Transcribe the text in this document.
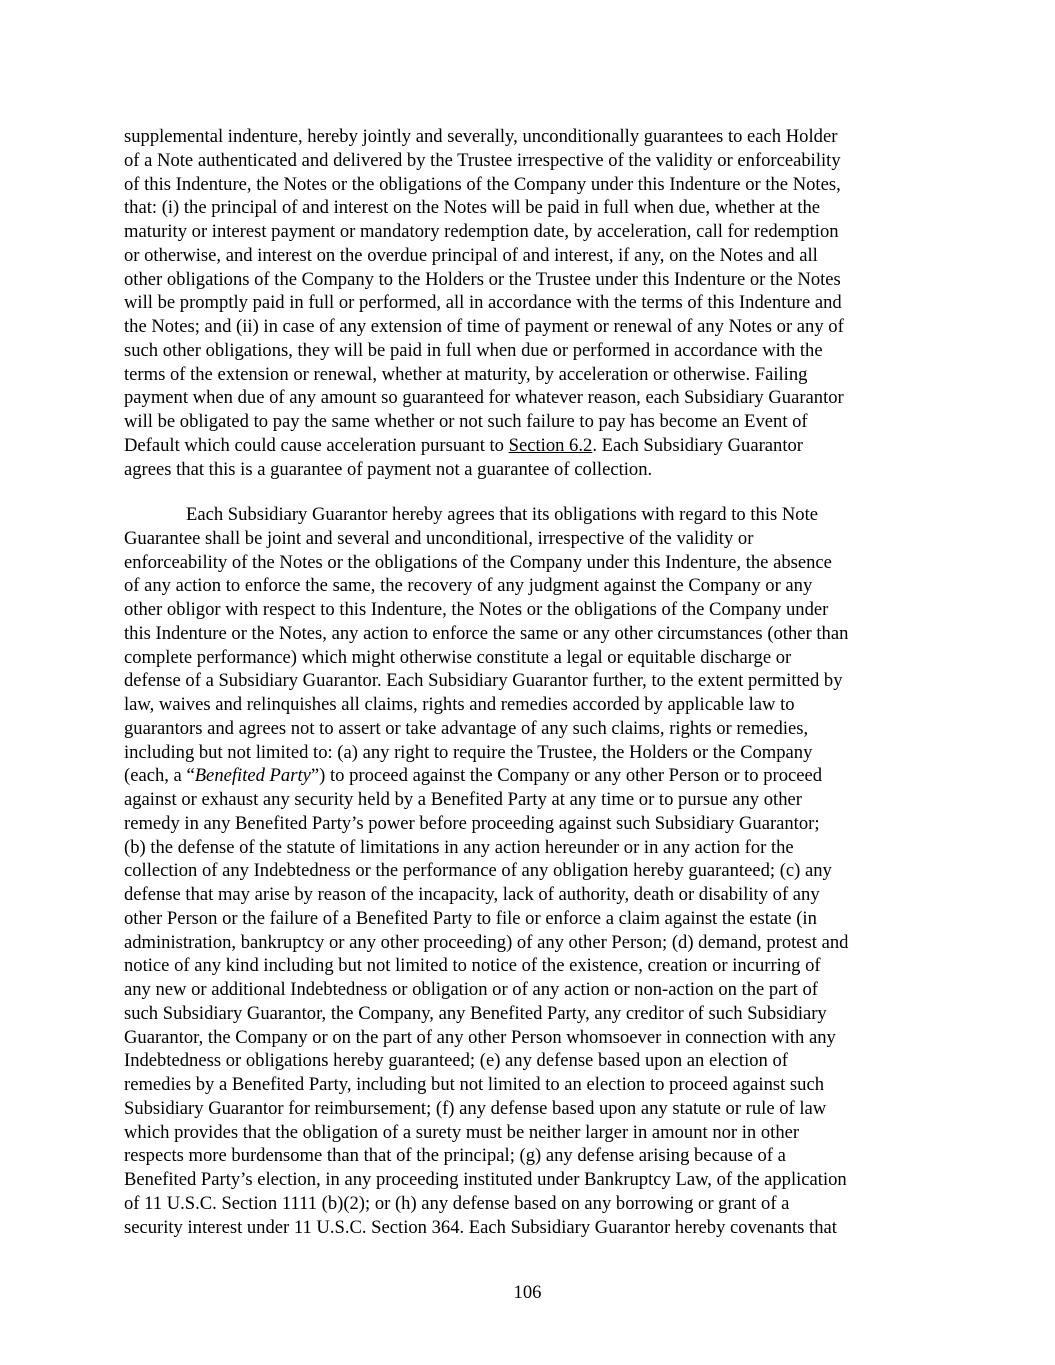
supplemental indenture, hereby jointly and severally, unconditionally guarantees to each Holder
of a Note authenticated and delivered by the Trustee irrespective of the validity or enforceability
of this Indenture, the Notes or the obligations of the Company under this Indenture or the Notes,
that: (i) the principal of and interest on the Notes will be paid in full when due, whether at the
maturity or interest payment or mandatory redemption date, by acceleration, call for redemption
or otherwise, and interest on the overdue principal of and interest, if any, on the Notes and all
other obligations of the Company to the Holders or the Trustee under this Indenture or the Notes
will be promptly paid in full or performed, all in accordance with the terms of this Indenture and
the Notes; and (ii) in case of any extension of time of payment or renewal of any Notes or any of
such other obligations, they will be paid in full when due or performed in accordance with the
terms of the extension or renewal, whether at maturity, by acceleration or otherwise. Failing
payment when due of any amount so guaranteed for whatever reason, each Subsidiary Guarantor
will be obligated to pay the same whether or not such failure to pay has become an Event of
Default which could cause acceleration pursuant to Section 6.2. Each Subsidiary Guarantor
agrees that this is a guarantee of payment not a guarantee of collection.
Each Subsidiary Guarantor hereby agrees that its obligations with regard to this Note
Guarantee shall be joint and several and unconditional, irrespective of the validity or
enforceability of the Notes or the obligations of the Company under this Indenture, the absence
of any action to enforce the same, the recovery of any judgment against the Company or any
other obligor with respect to this Indenture, the Notes or the obligations of the Company under
this Indenture or the Notes, any action to enforce the same or any other circumstances (other than
complete performance) which might otherwise constitute a legal or equitable discharge or
defense of a Subsidiary Guarantor. Each Subsidiary Guarantor further, to the extent permitted by
law, waives and relinquishes all claims, rights and remedies accorded by applicable law to
guarantors and agrees not to assert or take advantage of any such claims, rights or remedies,
including but not limited to: (a) any right to require the Trustee, the Holders or the Company
(each, a “Benefited Party”) to proceed against the Company or any other Person or to proceed
against or exhaust any security held by a Benefited Party at any time or to pursue any other
remedy in any Benefited Party’s power before proceeding against such Subsidiary Guarantor;
(b) the defense of the statute of limitations in any action hereunder or in any action for the
collection of any Indebtedness or the performance of any obligation hereby guaranteed; (c) any
defense that may arise by reason of the incapacity, lack of authority, death or disability of any
other Person or the failure of a Benefited Party to file or enforce a claim against the estate (in
administration, bankruptcy or any other proceeding) of any other Person; (d) demand, protest and
notice of any kind including but not limited to notice of the existence, creation or incurring of
any new or additional Indebtedness or obligation or of any action or non-action on the part of
such Subsidiary Guarantor, the Company, any Benefited Party, any creditor of such Subsidiary
Guarantor, the Company or on the part of any other Person whomsoever in connection with any
Indebtedness or obligations hereby guaranteed; (e) any defense based upon an election of
remedies by a Benefited Party, including but not limited to an election to proceed against such
Subsidiary Guarantor for reimbursement; (f) any defense based upon any statute or rule of law
which provides that the obligation of a surety must be neither larger in amount nor in other
respects more burdensome than that of the principal; (g) any defense arising because of a
Benefited Party’s election, in any proceeding instituted under Bankruptcy Law, of the application
of 11 U.S.C. Section 1111 (b)(2); or (h) any defense based on any borrowing or grant of a
security interest under 11 U.S.C. Section 364. Each Subsidiary Guarantor hereby covenants that
106
